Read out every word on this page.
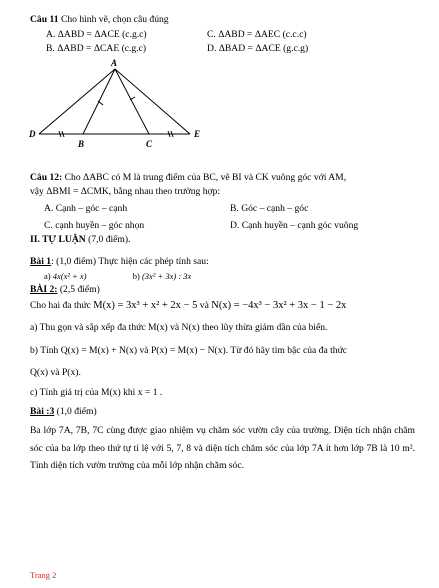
Câu 11 Cho hình vẽ, chọn câu đúng
A. ΔABD = ΔACE (c.g.c)	C. ΔABD = ΔAEC (c.c.c)
B. ΔABD = ΔCAE (c.g.c)	D. ΔBAD = ΔACE (g.c.g)
A
D
B	C
E
Câu 12: Cho ΔABC có M là trung điểm của BC, vẽ BI và CK vuông góc với AM,
vậy ΔBMI = ΔCMK, bằng nhau theo trường hợp:
A. Cạnh – góc – cạnh	B. Góc – cạnh – góc
C. cạnh huyền – góc nhọn	D. Cạnh huyền – cạnh góc vuông
II. TỰ LUẬN (7,0 điểm).
Bài 1: (1,0 điểm) Thực hiện các phép tính sau:
a) 4x(x² + x)	b) (3x² + 3x) : 3x
BÀI 2: (2,5 điểm)
Cho hai đa thức M(x) = 3x³ + x² + 2x − 5 và N(x) = −4x³ − 3x² + 3x − 1 − 2x
a) Thu gọn và sắp xếp đa thức M(x) và N(x) theo lũy thừa giảm dần của biến.
b) Tính Q(x) = M(x) + N(x) và P(x) = M(x) − N(x). Từ đó hãy tìm bậc của đa thức
Q(x) và P(x).
c) Tính giá trị của M(x) khi x = 1 .
Bài :3 (1,0 điểm)
Ba lớp 7A, 7B, 7C cùng được giao nhiệm vụ chăm sóc vườn cây của trường. Diện tích nhận chăm sóc của ba lớp theo thứ tự tỉ lệ với 5, 7, 8 và diện tích chăm sóc của lớp 7A ít hơn lớp 7B là 10 m². Tính diện tích vườn trường của mỗi lớp nhận chăm sóc.
Trang 2
